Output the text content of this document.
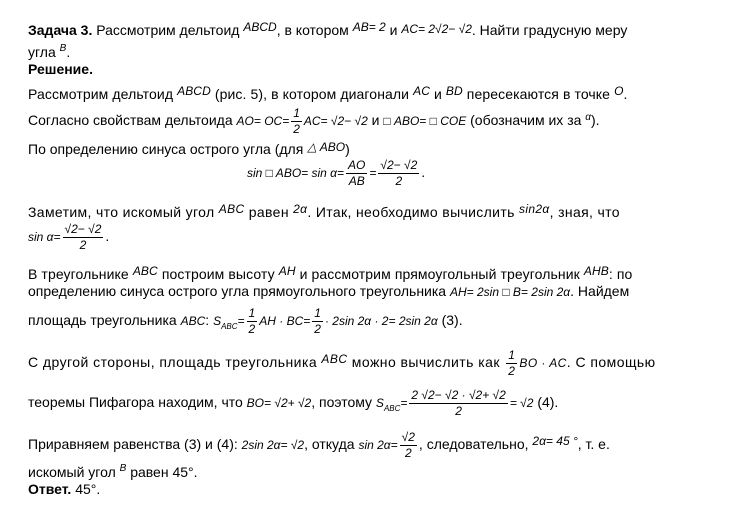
Задача 3. Рассмотрим дельтоид ABCD, в котором AB= 2 и AC= 2√2− √2. Найти градусную меру
угла $^B$.
Решение.
Рассмотрим дельтоид ABCD (рис. 5), в котором диагонали AC и BD пересекаются в точке O.
Согласно свойствам дельтоида $AO= OC= \frac{1}{2} AC= √2- √2$ и □ ABO= □ COE (обозначим их за $^\alpha$).
По определению синуса острого угла (для △ ABO)
sin □ $ABO= \sin \alpha= \frac{AO}{AB} = \frac{√2- √2}{2}$ .
Заметим, что искомый угол ABC равен 2α. Итак, необходимо вычислить sin2α, зная, что
$\sin \alpha= \frac{√2- √2}{2}$ .
В треугольнике ABC построим высоту AH и рассмотрим прямоугольный треугольник AHB: по
определению синуса острого угла прямоугольного треугольника AH= 2sin □ B= 2sin 2α. Найдем
площадь треугольника ABC: $S_{ABC}= \frac{1}{2}$ AH · $BC= \frac{1}{2} \cdot 2\sin$ 2α · 2= 2sin 2α (3).
С другой стороны, площадь треугольника ABC можно вычислить как $\frac{1}{2}$ BO · AC. С помощью
теоремы Пифагора находим, что BO= √2+ √2, поэтому $S_{ABC}= \frac{2 √2- √2 \cdot √2+ √2}{2} = √2$ (4).
Приравняем равенства (3) и (4): 2sin 2α= √2, откуда $\sin 2\alpha= \frac{√2}{2}$ , следовательно, 2α= 45 °, т. е.
искомый угол $^B$ равен 45°.
Ответ. 45°.
